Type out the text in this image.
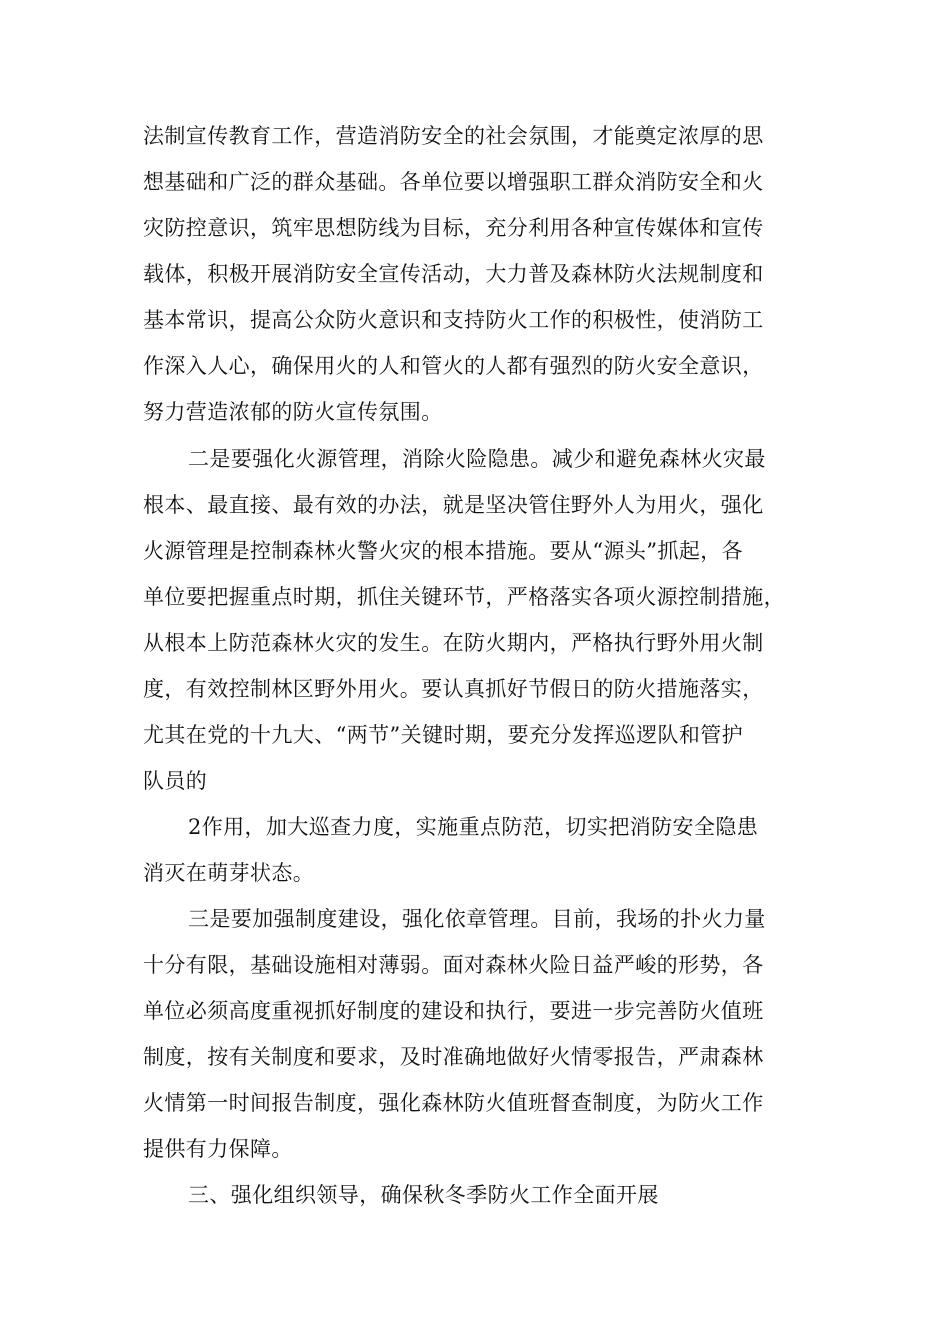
法制宣传教育工作，营造消防安全的社会氛围，才能奠定浓厚的思
想基础和广泛的群众基础。各单位要以增强职工群众消防安全和火
灾防控意识，筑牢思想防线为目标，充分利用各种宣传媒体和宣传
载体，积极开展消防安全宣传活动，大力普及森林防火法规制度和
基本常识，提高公众防火意识和支持防火工作的积极性，使消防工
作深入人心，确保用火的人和管火的人都有强烈的防火安全意识，
努力营造浓郁的防火宣传氛围。
二是要强化火源管理，消除火险隐患。减少和避免森林火灾最
根本、最直接、最有效的办法，就是坚决管住野外人为用火，强化
火源管理是控制森林火警火灾的根本措施。要从“源头”抓起，各
单位要把握重点时期，抓住关键环节，严格落实各项火源控制措施，
从根本上防范森林火灾的发生。在防火期内，严格执行野外用火制
度，有效控制林区野外用火。要认真抓好节假日的防火措施落实，
尤其在党的十九大、“两节”关键时期，要充分发挥巡逻队和管护
队员的
2作用，加大巡查力度，实施重点防范，切实把消防安全隐患
消灭在萌芽状态。
三是要加强制度建设，强化依章管理。目前，我场的扑火力量
十分有限，基础设施相对薄弱。面对森林火险日益严峻的形势，各
单位必须高度重视抓好制度的建设和执行，要进一步完善防火值班
制度，按有关制度和要求，及时准确地做好火情零报告，严肃森林
火情第一时间报告制度，强化森林防火值班督查制度，为防火工作
提供有力保障。
三、强化组织领导，确保秋冬季防火工作全面开展
